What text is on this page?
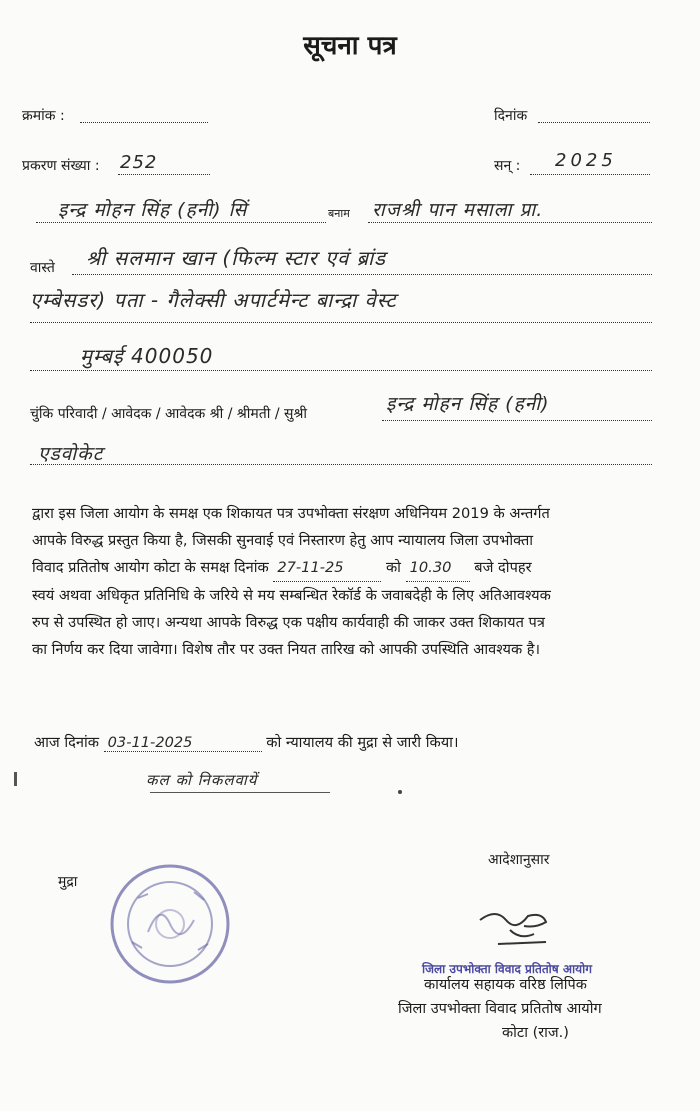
सूचना पत्र
क्रमांक :	दिनांक
प्रकरण संख्या : 252	सन् : 2025
इन्द्र मोहन सिंह (हनी) सिं	बनाम राजश्री पान मसाला प्रा.
वास्ते श्री सलमान खान (फिल्म स्टार एवं ब्रांड
एम्बेसडर) पता - गैलेक्सी अपार्टमेन्ट बान्द्रा वेस्ट
मुम्बई 400050
चुंकि परिवादी / आवेदक / आवेदक श्री / श्रीमती / सुश्री	इन्द्र मोहन सिंह (हनी)
एडवोकेट

द्वारा इस जिला आयोग के समक्ष एक शिकायत पत्र उपभोक्ता संरक्षण अधिनियम 2019 के अन्तर्गत

आपके विरुद्ध प्रस्तुत किया है, जिसकी सुनवाई एवं निस्तारण हेतु आप न्यायालय जिला उपभोक्ता

विवाद प्रतितोष आयोग कोटा के समक्ष दिनांक 27-11-25	को 10.30 बजे दोपहर

स्वयं अथवा अधिकृत प्रतिनिधि के जरिये से मय सम्बन्धित रेकॉर्ड के जवाबदेही के लिए अतिआवश्यक

रुप से उपस्थित हो जाए। अन्यथा आपके विरुद्ध एक पक्षीय कार्यवाही की जाकर उक्त शिकायत पत्र

का निर्णय कर दिया जावेगा। विशेष तौर पर उक्त नियत तारिख को आपकी उपस्थिति आवश्यक है।

आज दिनांक 03-11-2025	को न्यायालय की मुद्रा से जारी किया।
कल को निकलवायें
मुद्रा
आदेशानुसार
जिला उपभोक्ता विवाद प्रतितोष आयोग
कार्यालय सहायक वरिष्ठ लिपिक
जिला उपभोक्ता विवाद प्रतितोष आयोग
कोटा (राज.)
